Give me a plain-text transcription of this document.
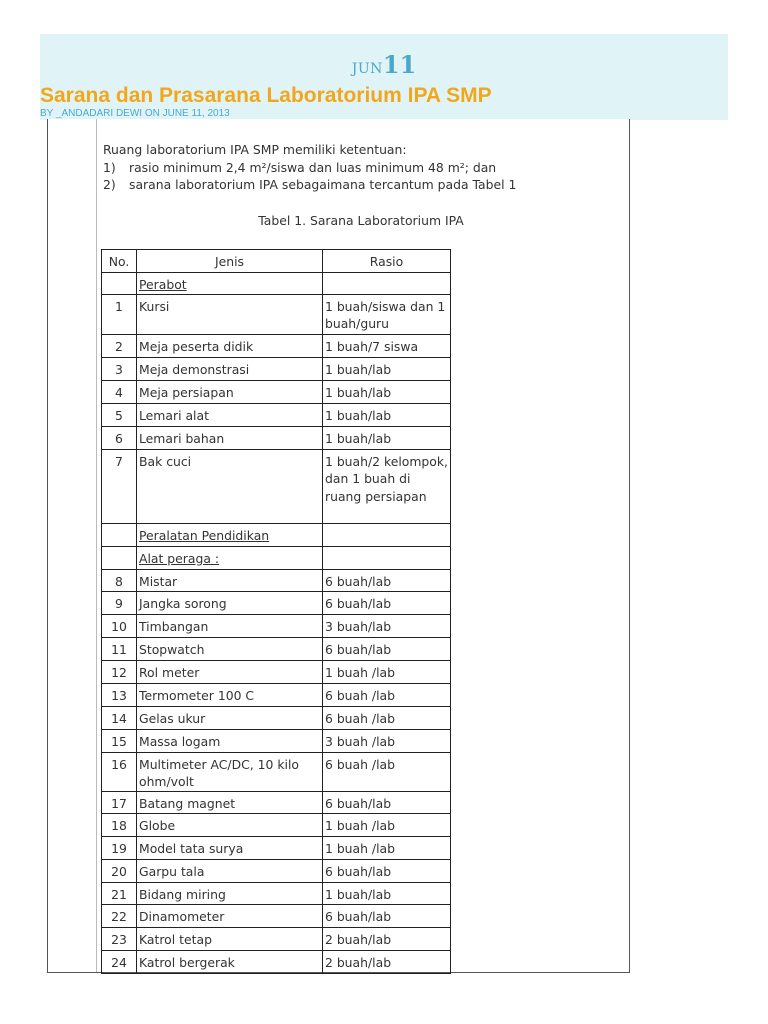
JUN11
Sarana dan Prasarana Laboratorium IPA SMP
BY _ANDADARI DEWI ON JUNE 11, 2013
Ruang laboratorium IPA SMP memiliki ketentuan:
1) rasio minimum 2,4 m²/siswa dan luas minimum 48 m²; dan
2) sarana laboratorium IPA sebagaimana tercantum pada Tabel 1
Tabel 1. Sarana Laboratorium IPA
No.	Jenis	Rasio
	Perabot	
1	Kursi	1 buah/siswa dan 1 buah/guru
2	Meja peserta didik	1 buah/7 siswa
3	Meja demonstrasi	1 buah/lab
4	Meja persiapan	1 buah/lab
5	Lemari alat	1 buah/lab
6	Lemari bahan	1 buah/lab
7	Bak cuci	1 buah/2 kelompok, dan 1 buah di ruang persiapan
	Peralatan Pendidikan	
	Alat peraga :	
8	Mistar	6 buah/lab
9	Jangka sorong	6 buah/lab
10	Timbangan	3 buah/lab
11	Stopwatch	6 buah/lab
12	Rol meter	1 buah /lab
13	Termometer 100 C	6 buah /lab
14	Gelas ukur	6 buah /lab
15	Massa logam	3 buah /lab
16	Multimeter AC/DC, 10 kilo ohm/volt	6 buah /lab
17	Batang magnet	6 buah/lab
18	Globe	1 buah /lab
19	Model tata surya	1 buah /lab
20	Garpu tala	6 buah/lab
21	Bidang miring	1 buah/lab
22	Dinamometer	6 buah/lab
23	Katrol tetap	2 buah/lab
24	Katrol bergerak	2 buah/lab
